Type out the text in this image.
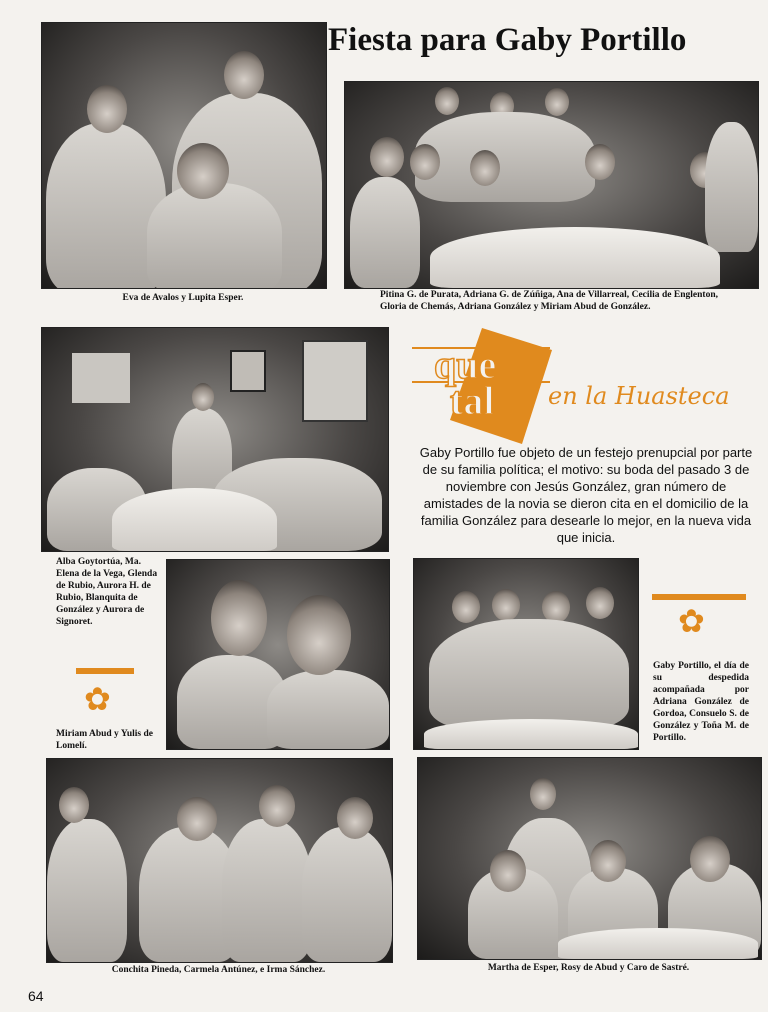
Fiesta para Gaby Portillo
Eva de Avalos y Lupita Esper.	Pitina G. de Purata, Adriana G. de Zúñiga, Ana de Villarreal, Cecilia de Englenton, Gloria de Chemás, Adriana González y Miriam Abud de González.
Alba Goytortúa, Ma. Elena de la Vega, Glenda de Rubio, Aurora H. de Rubio, Blanquita de González y Aurora de Signoret.
que
tal en la Huasteca
Gaby Portillo fue objeto de un festejo prenupcial por parte de su familia política; el motivo: su boda del pasado 3 de noviembre con Jesús González, gran número de amistades de la novia se dieron cita en el domicilio de la familia González para desearle lo mejor, en la nueva vida que inicia.
✿
Miriam Abud y Yulis de Lomelí.
✿
Gaby Portillo, el día de su despedida acompañada por Adriana González de Gordoa, Consuelo S. de González y Toña M. de Portillo.
Conchita Pineda, Carmela Antúnez, e Irma Sánchez.	Martha de Esper, Rosy de Abud y Caro de Sastré.
64
